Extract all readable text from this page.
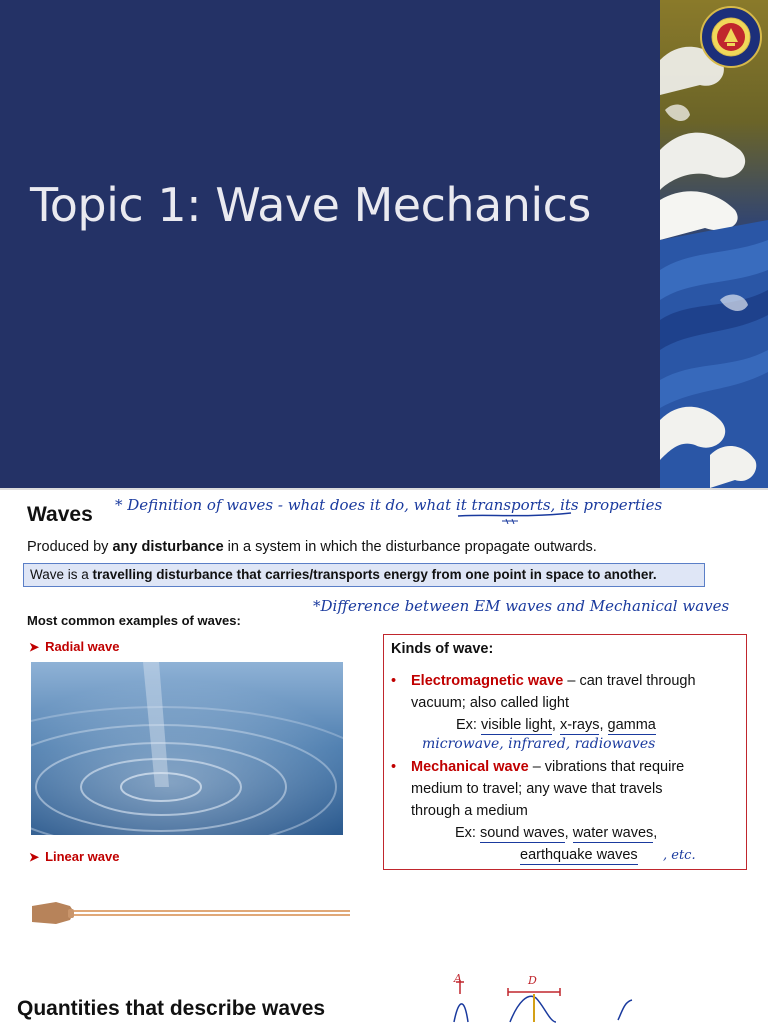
Topic 1: Wave Mechanics
Waves * Definition of waves - what does it do, what it transports, its properties
Produced by any disturbance in a system in which the disturbance propagate outwards.
Wave is a travelling disturbance that carries/transports energy from one point in space to another.
Most common examples of waves:
*Difference between EM waves and Mechanical waves
➤ Radial wave
➤ Linear wave
Kinds of wave:
• Electromagnetic wave – can travel through
vacuum; also called light
Ex: visible light, x-rays, gamma
microwave, infrared, radiowaves
• Mechanical wave – vibrations that require
medium to travel; any wave that travels
through a medium
Ex: sound waves, water waves,
earthquake waves , etc.
Quantities that describe waves
A	D
